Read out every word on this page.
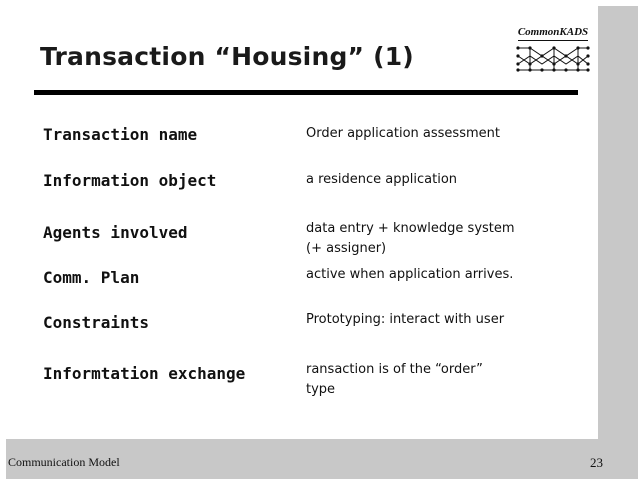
Transaction “Housing” (1)
CommonKADS
Transaction name	Order application assessment
Information object	a residence application
Agents involved	data entry + knowledge system
(+ assigner)
Comm. Plan	active when application arrives.
Constraints	Prototyping: interact with user
Informtation exchange	ransaction is of the “order”
type
Communication Model	23
